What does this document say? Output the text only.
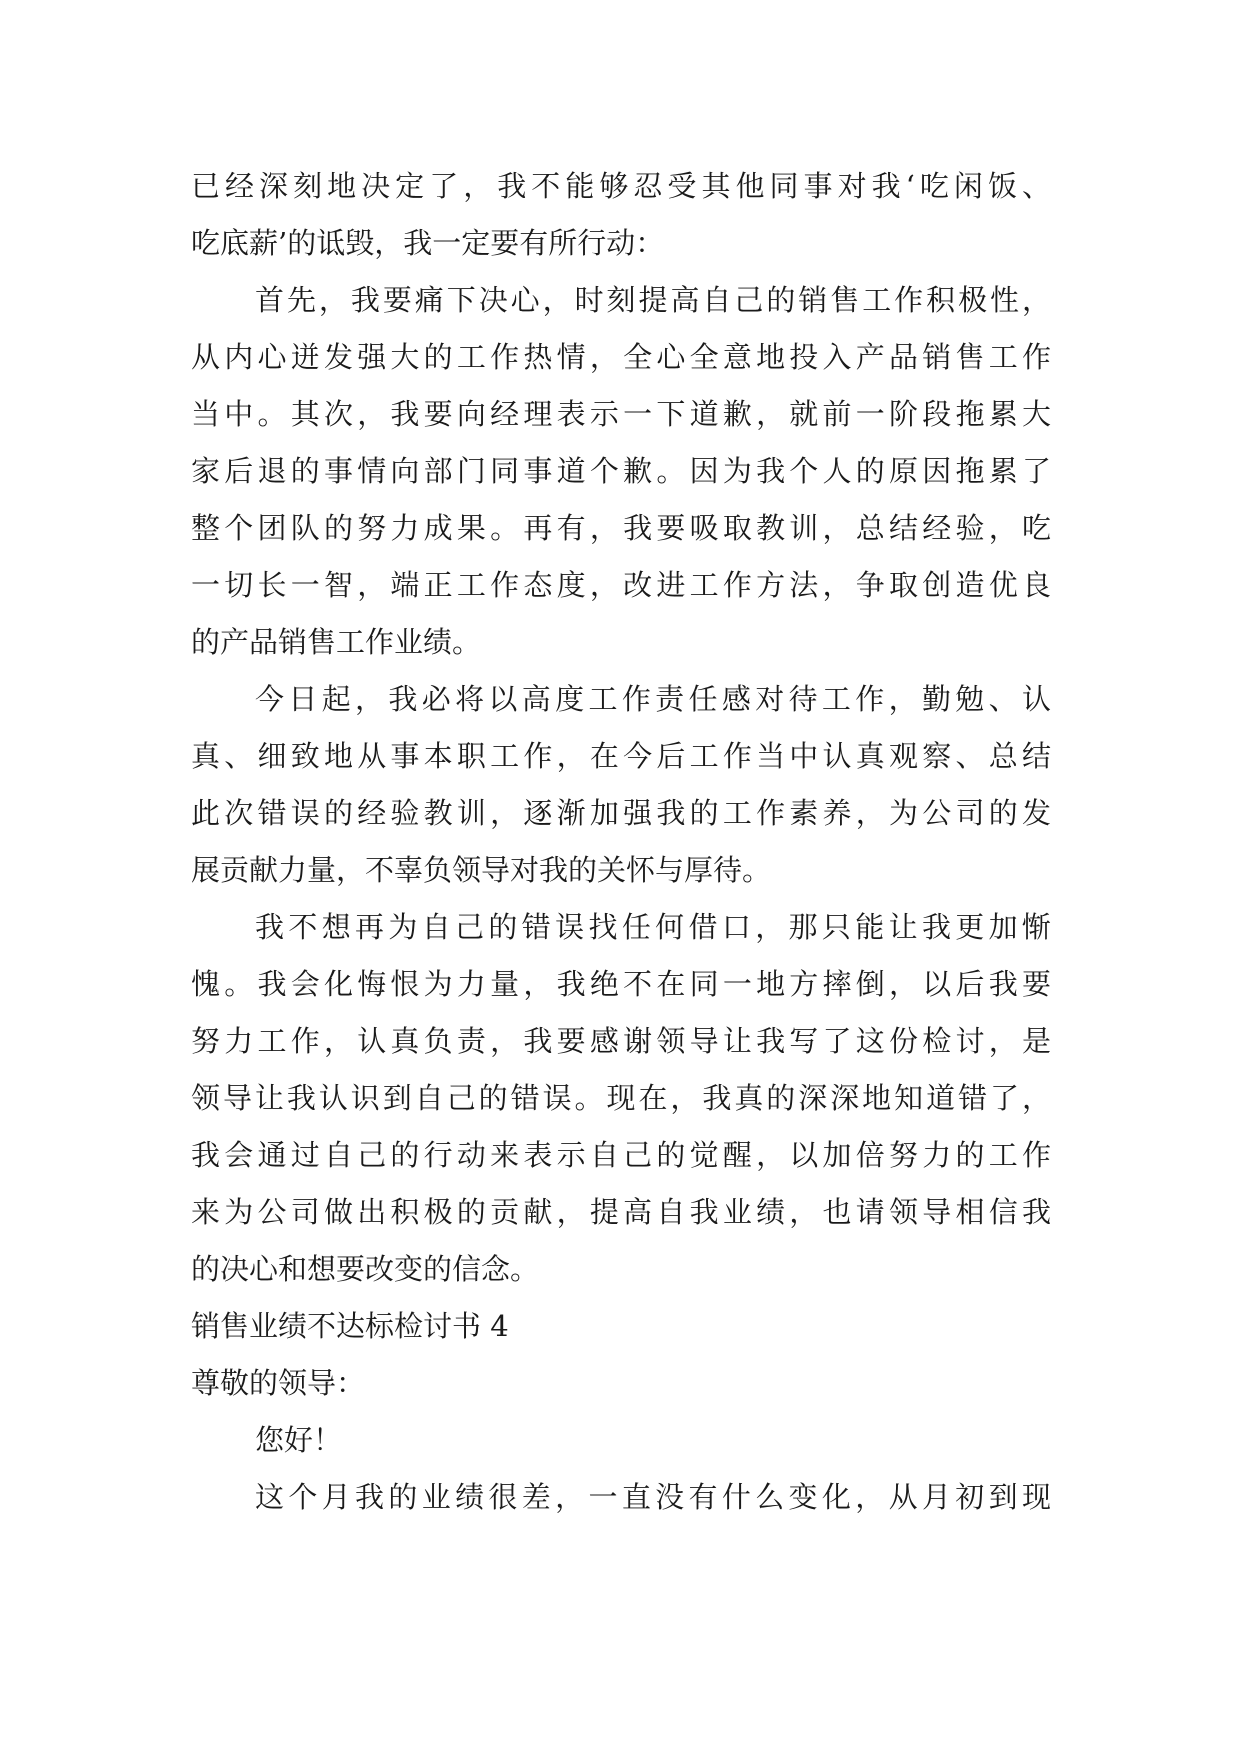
已经深刻地决定了，我不能够忍受其他同事对我‘吃闲饭、
吃底薪’的诋毁，我一定要有所行动：
首先，我要痛下决心，时刻提高自己的销售工作积极性，
从内心迸发强大的工作热情，全心全意地投入产品销售工作
当中。其次，我要向经理表示一下道歉，就前一阶段拖累大
家后退的事情向部门同事道个歉。因为我个人的原因拖累了
整个团队的努力成果。再有，我要吸取教训，总结经验，吃
一切长一智，端正工作态度，改进工作方法，争取创造优良
的产品销售工作业绩。
今日起，我必将以高度工作责任感对待工作，勤勉、认
真、细致地从事本职工作，在今后工作当中认真观察、总结
此次错误的经验教训，逐渐加强我的工作素养，为公司的发
展贡献力量，不辜负领导对我的关怀与厚待。
我不想再为自己的错误找任何借口，那只能让我更加惭
愧。我会化悔恨为力量，我绝不在同一地方摔倒，以后我要
努力工作，认真负责，我要感谢领导让我写了这份检讨，是
领导让我认识到自己的错误。现在，我真的深深地知道错了，
我会通过自己的行动来表示自己的觉醒，以加倍努力的工作
来为公司做出积极的贡献，提高自我业绩，也请领导相信我
的决心和想要改变的信念。
销售业绩不达标检讨书 4
尊敬的领导：
您好！
这个月我的业绩很差，一直没有什么变化，从月初到现
